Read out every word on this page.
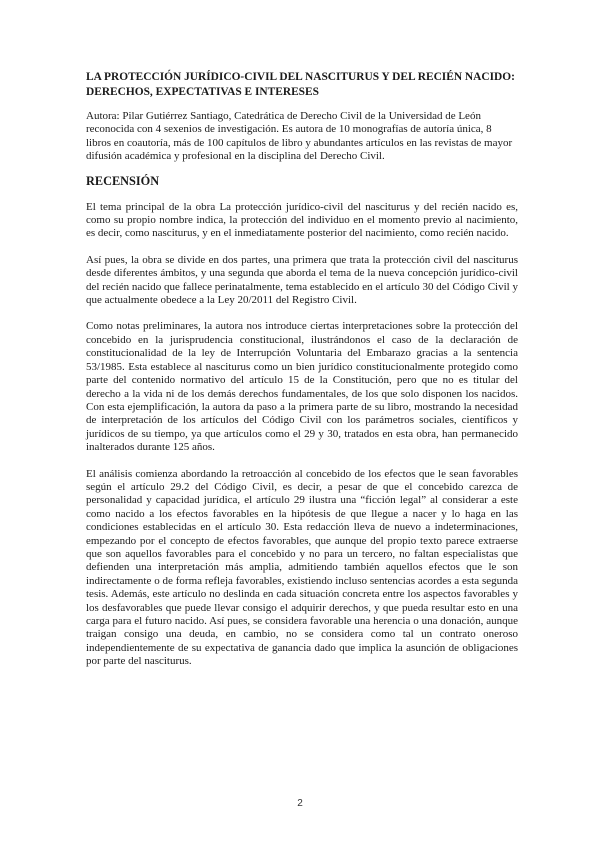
LA PROTECCIÓN JURÍDICO-CIVIL DEL NASCITURUS Y DEL RECIÉN NACIDO: DERECHOS, EXPECTATIVAS E INTERESES

Autora: Pilar Gutiérrez Santiago, Catedrática de Derecho Civil de la Universidad de León reconocida con 4 sexenios de investigación. Es autora de 10 monografías de autoría única, 8 libros en coautoría, más de 100 capítulos de libro y abundantes artículos en las revistas de mayor difusión académica y profesional en la disciplina del Derecho Civil.

RECENSIÓN

El tema principal de la obra La protección jurídico-civil del nasciturus y del recién nacido es, como su propio nombre indica, la protección del individuo en el momento previo al nacimiento, es decir, como nasciturus, y en el inmediatamente posterior del nacimiento, como recién nacido.

Así pues, la obra se divide en dos partes, una primera que trata la protección civil del nasciturus desde diferentes ámbitos, y una segunda que aborda el tema de la nueva concepción jurídico-civil del recién nacido que fallece perinatalmente, tema establecido en el artículo 30 del Código Civil y que actualmente obedece a la Ley 20/2011 del Registro Civil.

Como notas preliminares, la autora nos introduce ciertas interpretaciones sobre la protección del concebido en la jurisprudencia constitucional, ilustrándonos el caso de la declaración de constitucionalidad de la ley de Interrupción Voluntaria del Embarazo gracias a la sentencia 53/1985. Esta establece al nasciturus como un bien jurídico constitucionalmente protegido como parte del contenido normativo del artículo 15 de la Constitución, pero que no es titular del derecho a la vida ni de los demás derechos fundamentales, de los que solo disponen los nacidos. Con esta ejemplificación, la autora da paso a la primera parte de su libro, mostrando la necesidad de interpretación de los artículos del Código Civil con los parámetros sociales, científicos y jurídicos de su tiempo, ya que artículos como el 29 y 30, tratados en esta obra, han permanecido inalterados durante 125 años.

El análisis comienza abordando la retroacción al concebido de los efectos que le sean favorables según el artículo 29.2 del Código Civil, es decir, a pesar de que el concebido carezca de personalidad y capacidad jurídica, el artículo 29 ilustra una “ficción legal” al considerar a este como nacido a los efectos favorables en la hipótesis de que llegue a nacer y lo haga en las condiciones establecidas en el artículo 30. Esta redacción lleva de nuevo a indeterminaciones, empezando por el concepto de efectos favorables, que aunque del propio texto parece extraerse que son aquellos favorables para el concebido y no para un tercero, no faltan especialistas que defienden una interpretación más amplia, admitiendo también aquellos efectos que le son indirectamente o de forma refleja favorables, existiendo incluso sentencias acordes a esta segunda tesis. Además, este artículo no deslinda en cada situación concreta entre los aspectos favorables y los desfavorables que puede llevar consigo el adquirir derechos, y que pueda resultar esto en una carga para el futuro nacido. Así pues, se considera favorable una herencia o una donación, aunque traigan consigo una deuda, en cambio, no se considera como tal un contrato oneroso independientemente de su expectativa de ganancia dado que implica la asunción de obligaciones por parte del nasciturus.

2
